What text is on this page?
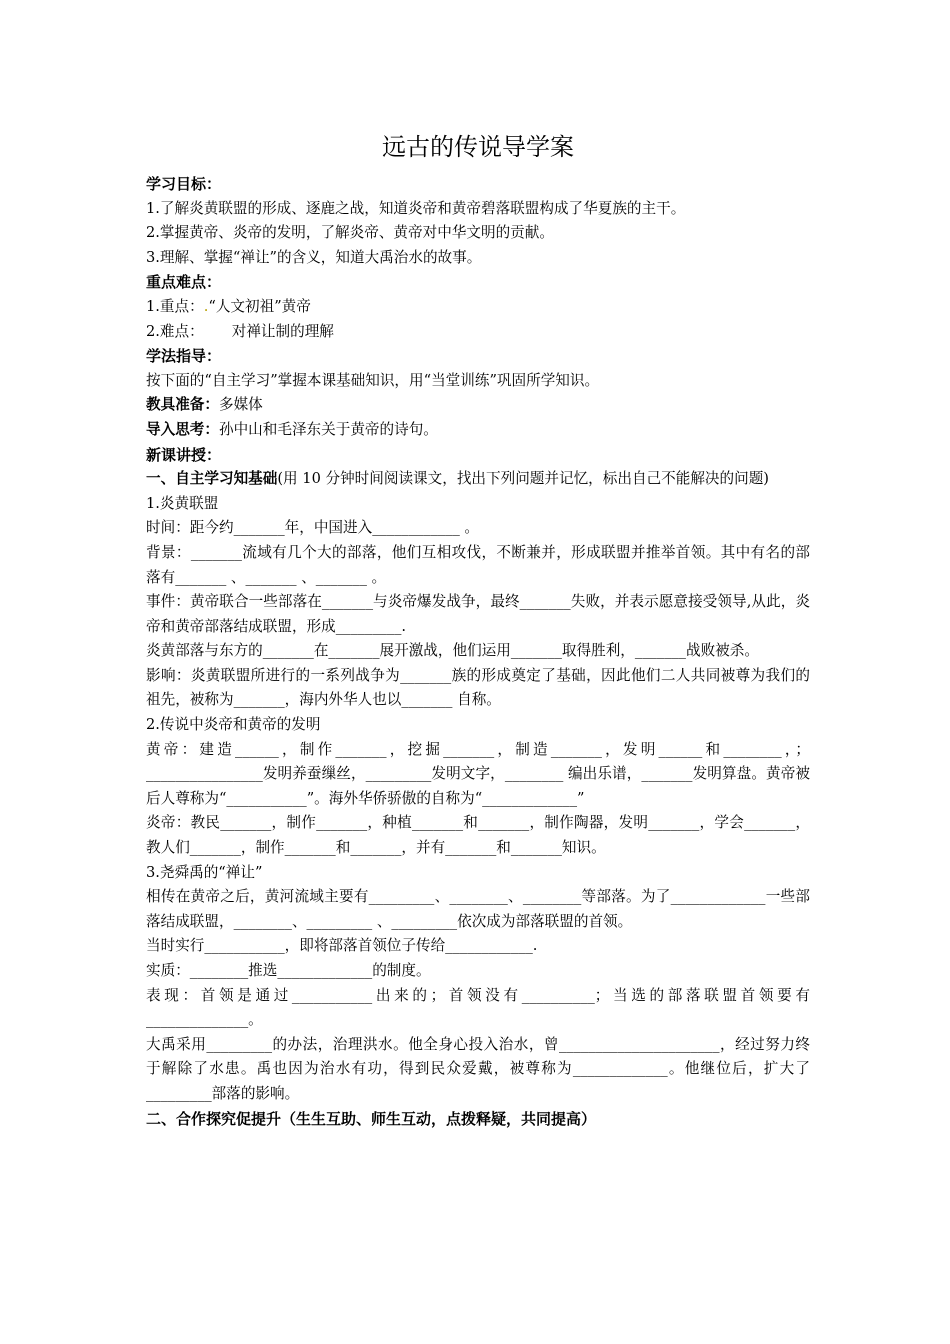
远古的传说导学案
学习目标：
1.了解炎黄联盟的形成、逐鹿之战，知道炎帝和黄帝碧落联盟构成了华夏族的主干。
2.掌握黄帝、炎帝的发明，了解炎帝、黄帝对中华文明的贡献。
3.理解、掌握“禅让”的含义，知道大禹治水的故事。
重点难点：
1.重点：.“人文初祖”黄帝
2.难点： 对禅让制的理解
学法指导：
按下面的“自主学习”掌握本课基础知识，用“当堂训练”巩固所学知识。
教具准备：多媒体
导入思考：孙中山和毛泽东关于黄帝的诗句。
新课讲授：
一、自主学习知基础(用 10 分钟时间阅读课文，找出下列问题并记忆，标出自己不能解决的问题)
1.炎黄联盟
时间：距今约_______年，中国进入____________ 。
背景：_______流域有几个大的部落，他们互相攻伐，不断兼并，形成联盟并推举首领。其中有名的部落有_______ 、_______ 、_______ 。
事件：黄帝联合一些部落在_______与炎帝爆发战争，最终_______失败，并表示愿意接受领导,从此，炎帝和黄帝部落结成联盟，形成_________.
炎黄部落与东方的_______在_______展开激战，他们运用_______取得胜利，_______战败被杀。
影响：炎黄联盟所进行的一系列战争为_______族的形成奠定了基础，因此他们二人共同被尊为我们的祖先，被称为_______，海内外华人也以_______ 自称。
2.传说中炎帝和黄帝的发明
黄帝：建造______，制作_______，挖掘_______，制造_______，发明______和________，；________________发明养蚕缫丝，_________发明文字，________ 编出乐谱，_______发明算盘。黄帝被后人尊称为“___________”。海外华侨骄傲的自称为“_____________”
炎帝：教民_______，制作_______，种植_______和_______，制作陶器，发明_______，学会_______，教人们_______，制作_______和_______，并有_______和_______知识。
3.尧舜禹的“禅让”
相传在黄帝之后，黄河流域主要有_________、________、________等部落。为了_____________一些部落结成联盟，________、_________ 、_________依次成为部落联盟的首领。
当时实行___________，即将部落首领位子传给____________.
实质：________推选_____________的制度。
表现：首领是通过___________出来的；首领没有__________；当选的部落联盟首领要有______________。
大禹采用_________的办法，治理洪水。他全身心投入治水，曾______________________，经过努力终于解除了水患。禹也因为治水有功，得到民众爱戴，被尊称为_____________。他继位后，扩大了_________部落的影响。
二、合作探究促提升（生生互助、师生互动，点拨释疑，共同提高）
